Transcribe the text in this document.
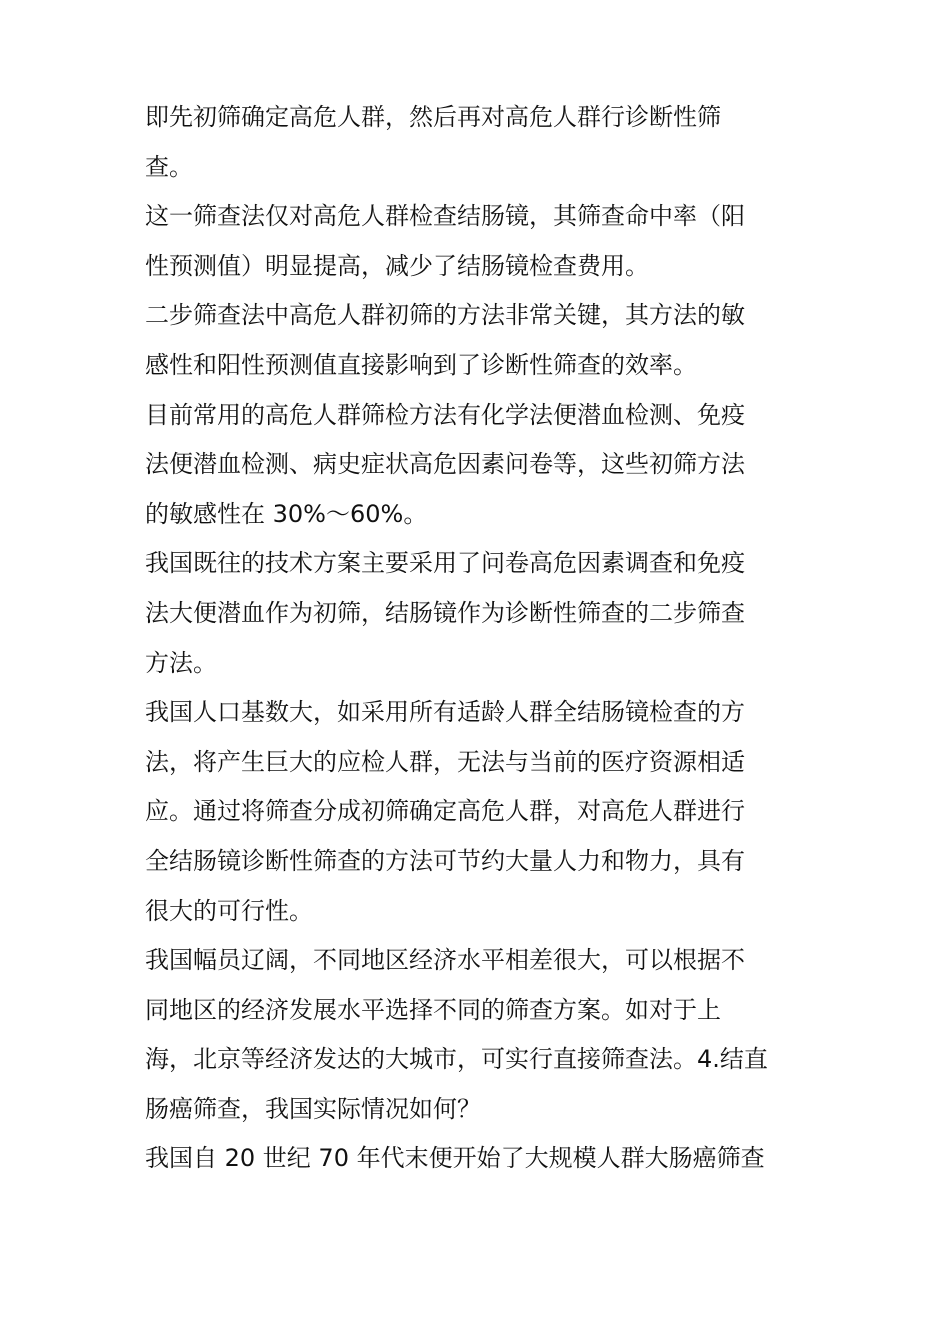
即先初筛确定高危人群，然后再对高危人群行诊断性筛
查。
这一筛查法仅对高危人群检查结肠镜，其筛查命中率（阳
性预测值）明显提高，减少了结肠镜检查费用。
二步筛查法中高危人群初筛的方法非常关键，其方法的敏
感性和阳性预测值直接影响到了诊断性筛查的效率。
目前常用的高危人群筛检方法有化学法便潜血检测、免疫
法便潜血检测、病史症状高危因素问卷等，这些初筛方法
的敏感性在 30%～60%。
我国既往的技术方案主要采用了问卷高危因素调查和免疫
法大便潜血作为初筛，结肠镜作为诊断性筛查的二步筛查
方法。
我国人口基数大，如采用所有适龄人群全结肠镜检查的方
法，将产生巨大的应检人群，无法与当前的医疗资源相适
应。通过将筛查分成初筛确定高危人群，对高危人群进行
全结肠镜诊断性筛查的方法可节约大量人力和物力，具有
很大的可行性。
我国幅员辽阔，不同地区经济水平相差很大，可以根据不
同地区的经济发展水平选择不同的筛查方案。如对于上
海，北京等经济发达的大城市，可实行直接筛查法。4.结直
肠癌筛查，我国实际情况如何？
我国自 20 世纪 70 年代末便开始了大规模人群大肠癌筛查
